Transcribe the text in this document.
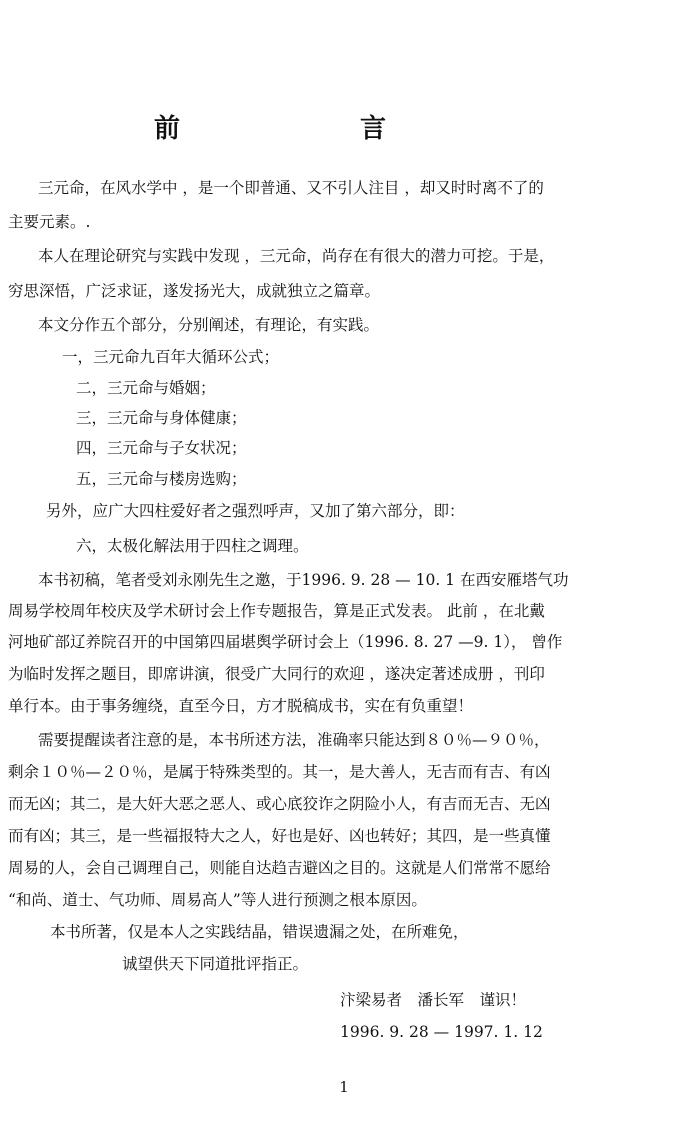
前	言
三元命，在风水学中 ，是一个即普通、又不引人注目 ，却又时时离不了的
主要元素。.
本人在理论研究与实践中发现 ，三元命，尚存在有很大的潜力可挖。于是，
穷思深悟，广泛求证，遂发扬光大，成就独立之篇章。
本文分作五个部分，分别阐述，有理论，有实践。
一，三元命九百年大循环公式；
二，三元命与婚姻；
三，三元命与身体健康；
四，三元命与子女状况；
五，三元命与楼房选购；
另外，应广大四柱爱好者之强烈呼声，又加了第六部分，即：
六，太极化解法用于四柱之调理。
本书初稿，笔者受刘永刚先生之邀，于1996. 9. 28 — 10. 1 在西安雁塔气功
周易学校周年校庆及学术研讨会上作专题报告，算是正式发表。 此前 ，在北戴
河地矿部辽养院召开的中国第四届堪舆学研讨会上（1996. 8. 27 —9. 1）， 曾作
为临时发挥之题目，即席讲演，很受广大同行的欢迎 ，遂决定著述成册 ，刊印
单行本。由于事务缠绕，直至今日，方才脱稿成书，实在有负重望！
需要提醒读者注意的是，本书所述方法，准确率只能达到８０％—９０％，
剩余１０％—２０％，是属于特殊类型的。其一，是大善人，无吉而有吉、有凶
而无凶；其二，是大奸大恶之恶人、或心底狡诈之阴险小人，有吉而无吉、无凶
而有凶；其三，是一些福报特大之人，好也是好、凶也转好；其四，是一些真懂
周易的人，会自己调理自己，则能自达趋吉避凶之目的。这就是人们常常不愿给
“和尚、道士、气功师、周易高人”等人进行预测之根本原因。
本书所著，仅是本人之实践结晶，错误遗漏之处，在所难免，
诚望供天下同道批评指正。
汴梁易者　潘长军　谨识！
1996. 9. 28 — 1997. 1. 12
1
